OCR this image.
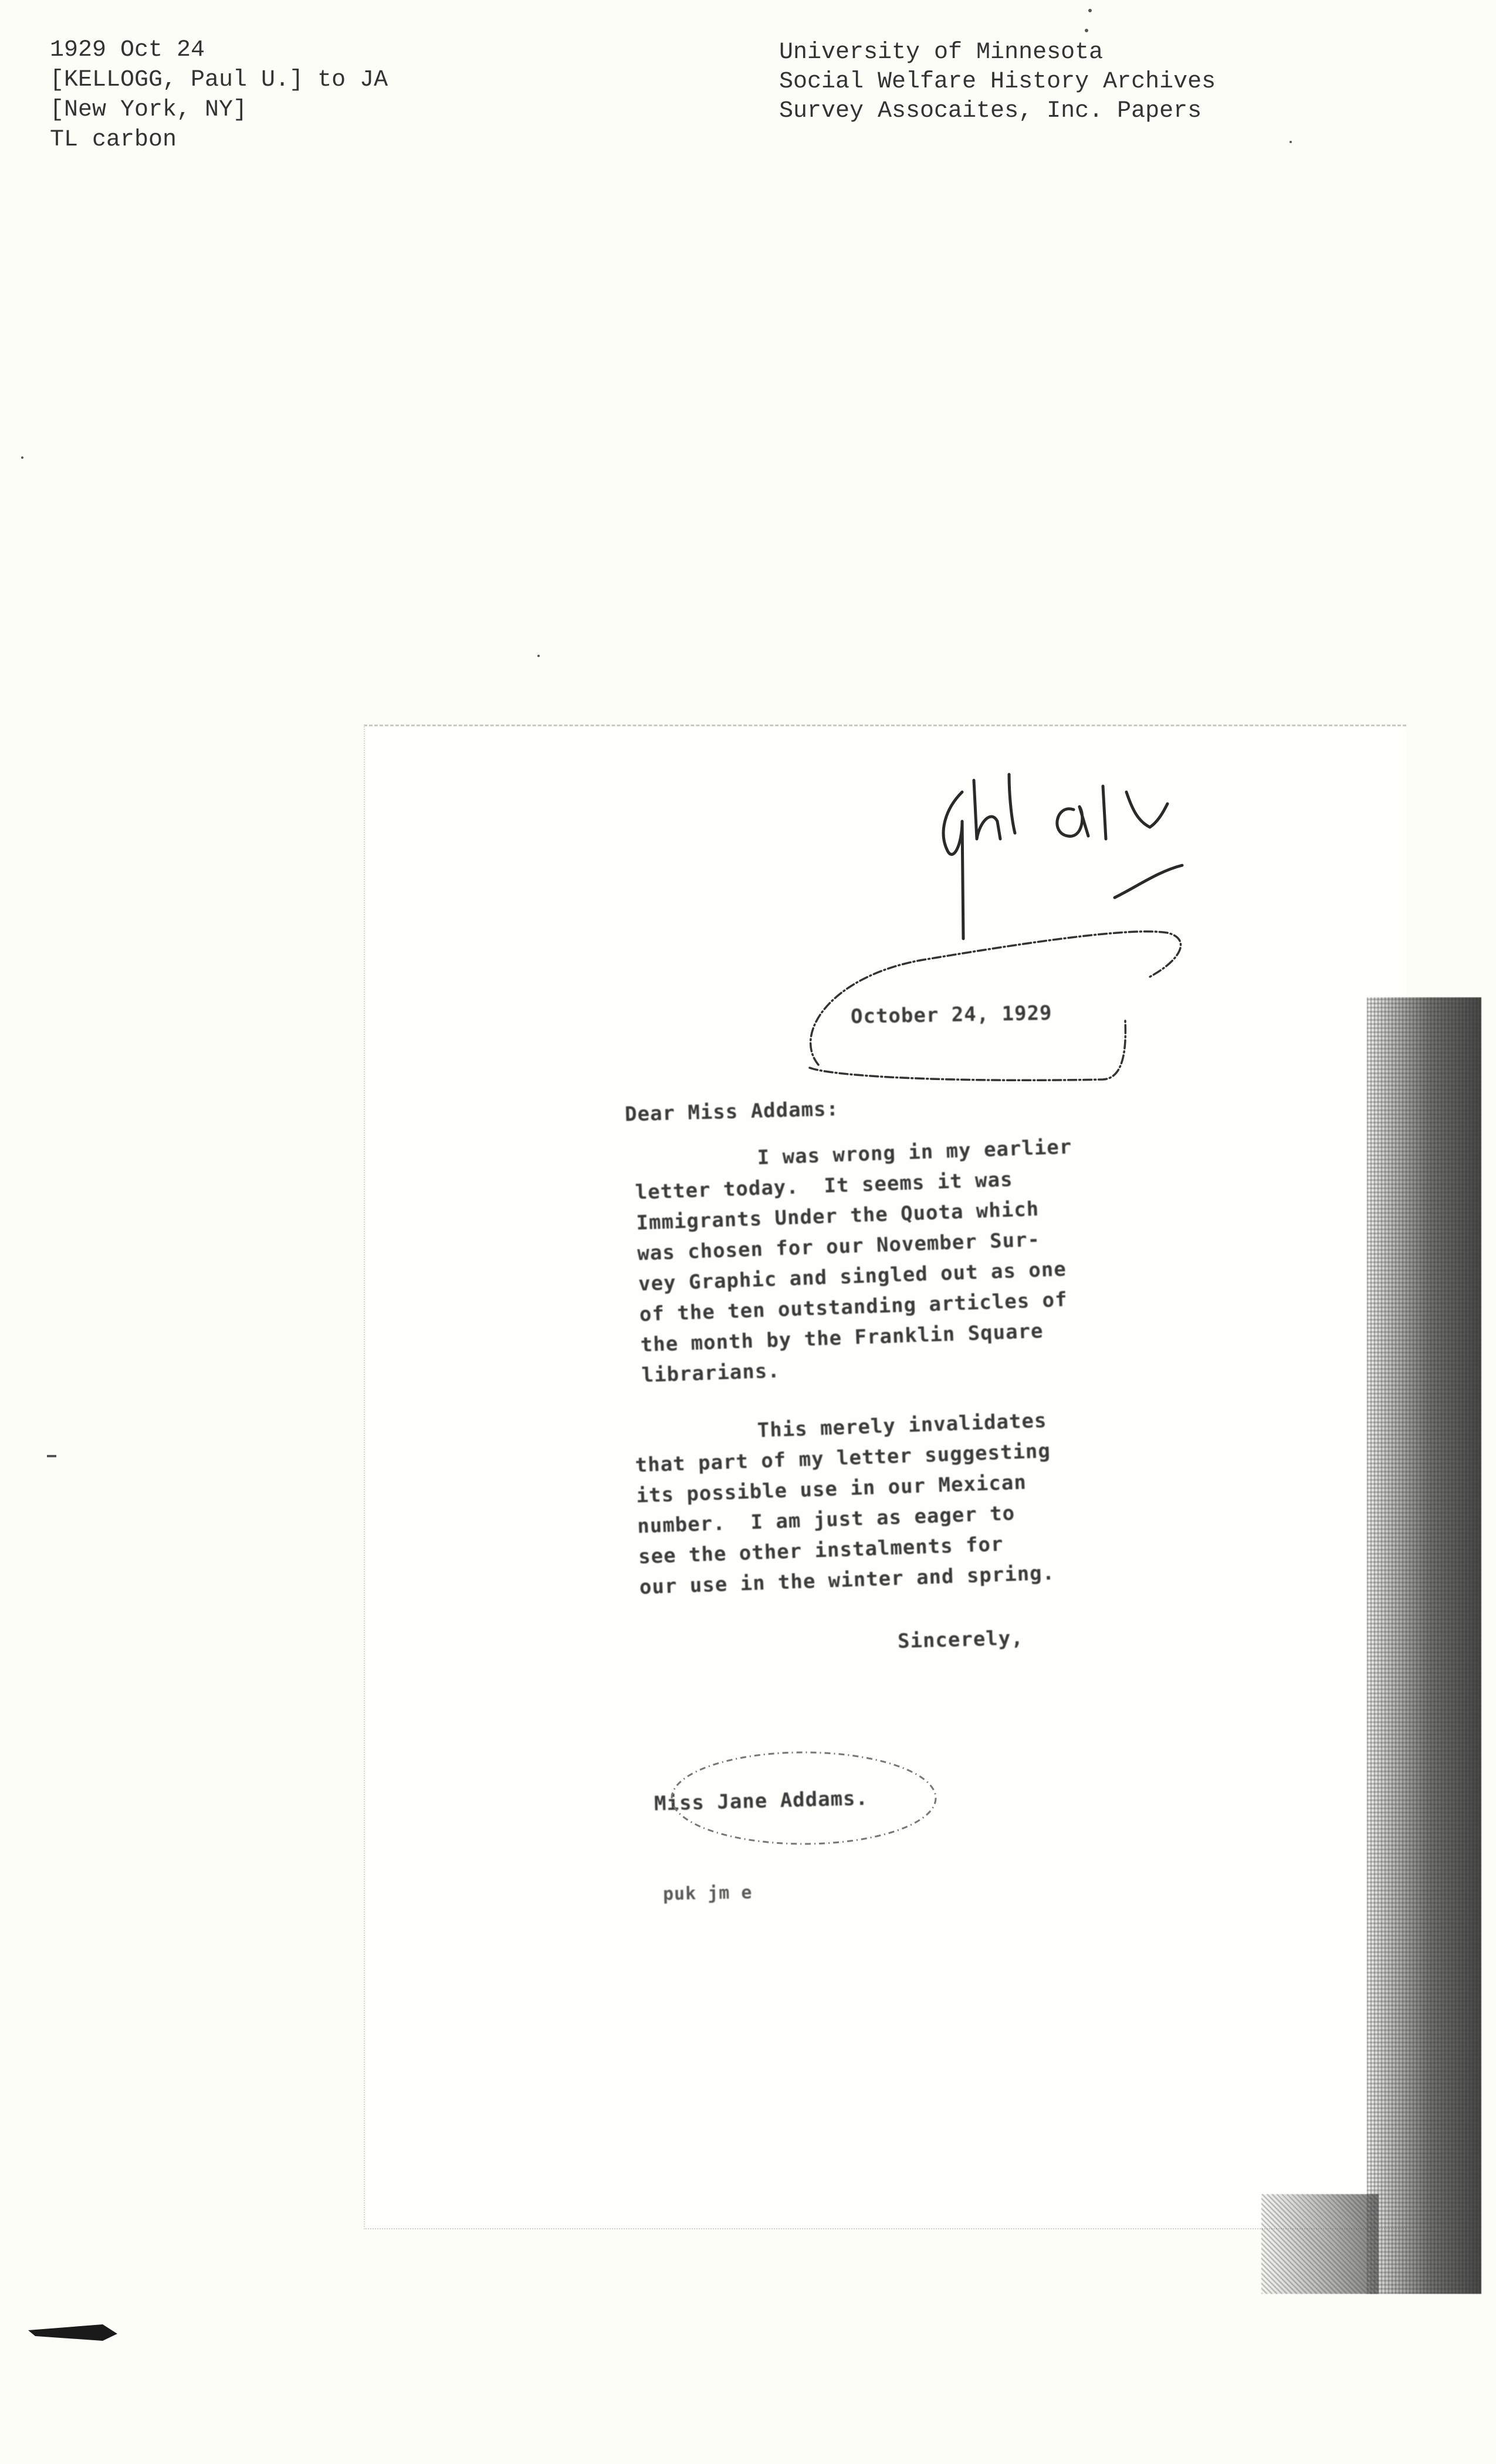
1929 Oct 24
[KELLOGG, Paul U.] to JA
[New York, NY]
TL carbon
University of Minnesota
Social Welfare History Archives
Survey Assocaites, Inc. Papers
October 24, 1929
Dear Miss Addams:
I was wrong in my earlier
letter today.  It seems it was
Immigrants Under the Quota which
was chosen for our November Sur-
vey Graphic and singled out as one
of the ten outstanding articles of
the month by the Franklin Square
librarians.
This merely invalidates
that part of my letter suggesting
its possible use in our Mexican
number.  I am just as eager to
see the other instalments for
our use in the winter and spring.
Sincerely,
Miss Jane Addams.
puk jm e
